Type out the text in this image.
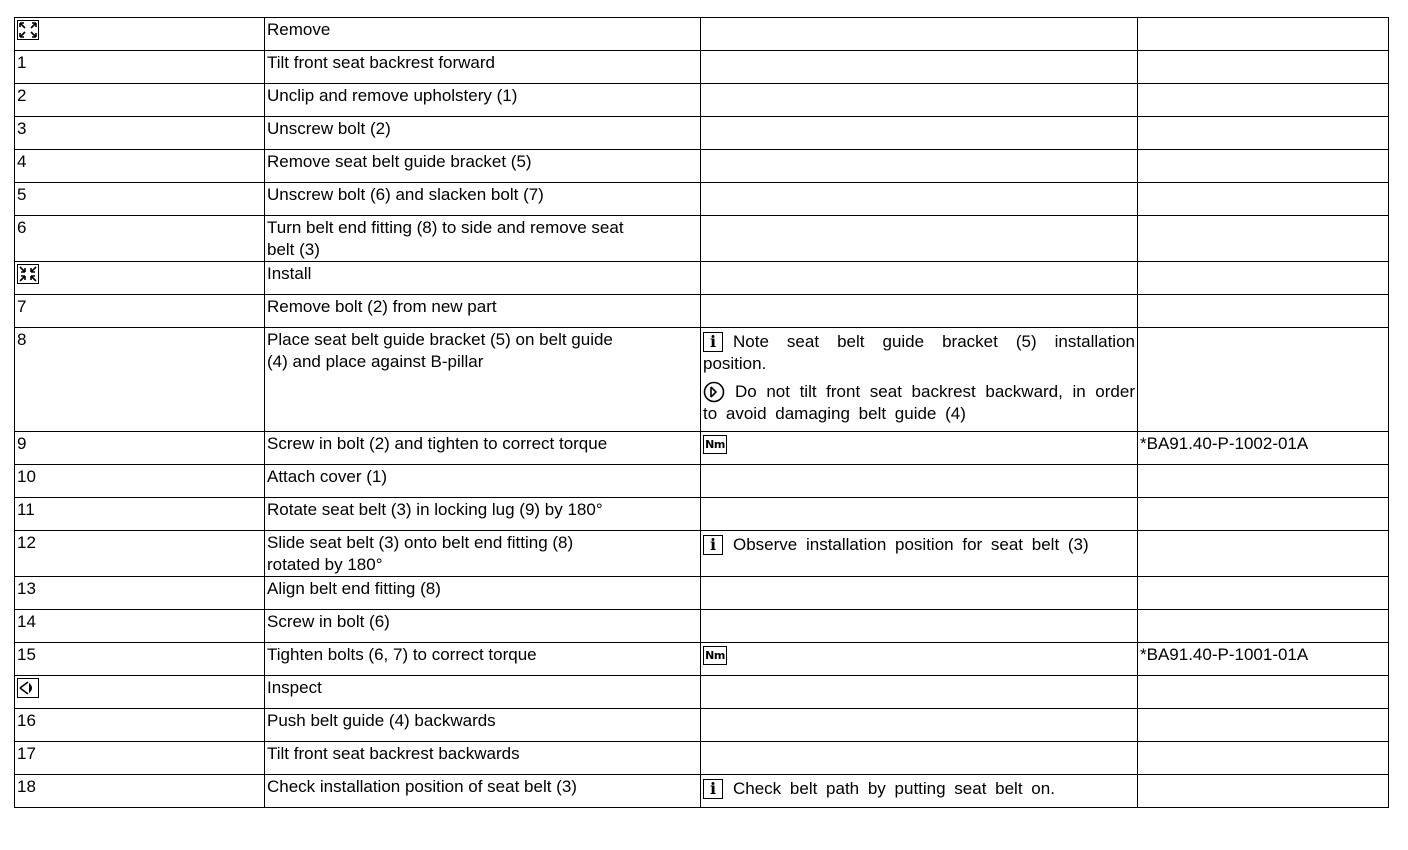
	Remove		
1	Tilt front seat backrest forward		
2	Unclip and remove upholstery (1)		
3	Unscrew bolt (2)		
4	Remove seat belt guide bracket (5)		
5	Unscrew bolt (6) and slacken bolt (7)		
6	Turn belt end fitting (8) to side and remove seat belt (3)		
	Install		
7	Remove bolt (2) from new part		
8	Place seat belt guide bracket (5) on belt guide (4) and place against B-pillar	i Note seat belt guide bracket (5) installation position.

Do not tilt front seat backrest backward, in order to avoid damaging belt guide (4)	

9	Screw in bolt (2) and tighten to correct torque	Nm	*BA91.40-P-1002-01A
10	Attach cover (1)		
11	Rotate seat belt (3) in locking lug (9) by 180°		
12	Slide seat belt (3) onto belt end fitting (8) rotated by 180°	i Observe installation position for seat belt (3)	
13	Align belt end fitting (8)		
14	Screw in bolt (6)		
15	Tighten bolts (6, 7) to correct torque	Nm	*BA91.40-P-1001-01A
	Inspect		
16	Push belt guide (4) backwards		
17	Tilt front seat backrest backwards		
18	Check installation position of seat belt (3)	i Check belt path by putting seat belt on.	
